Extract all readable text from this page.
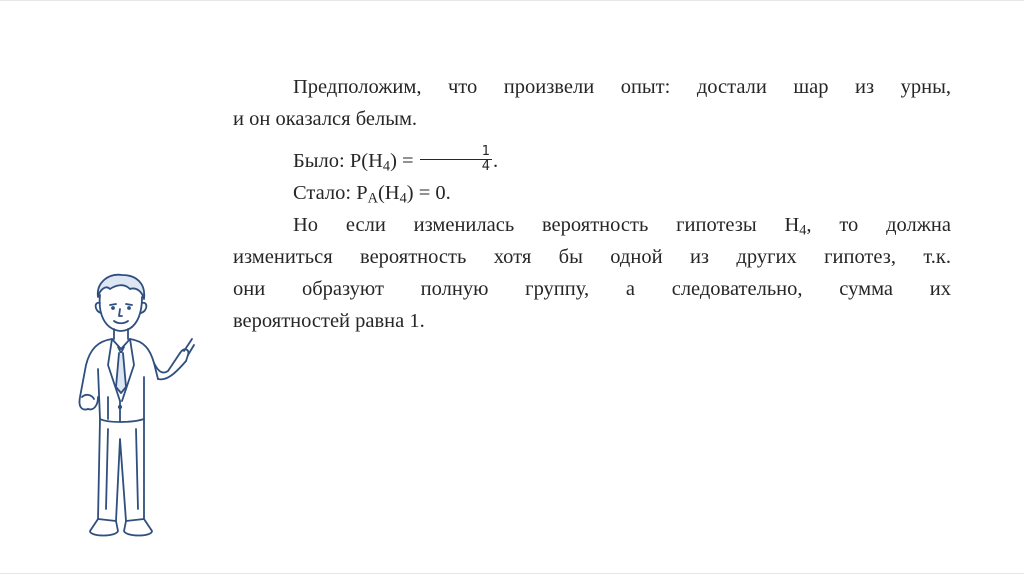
Предположим, что произвели опыт: достали шар из урны,
и он оказался белым.

Было: $P(H_4) = \frac{1}{4}$ .

Стало: $P_A(H_4) = 0$.

Но если изменилась вероятность гипотезы $H_4$, то должна
измениться вероятность хотя бы одной из других гипотез, т.к.
они образуют полную группу, а следовательно, сумма их
вероятностей равна 1.
